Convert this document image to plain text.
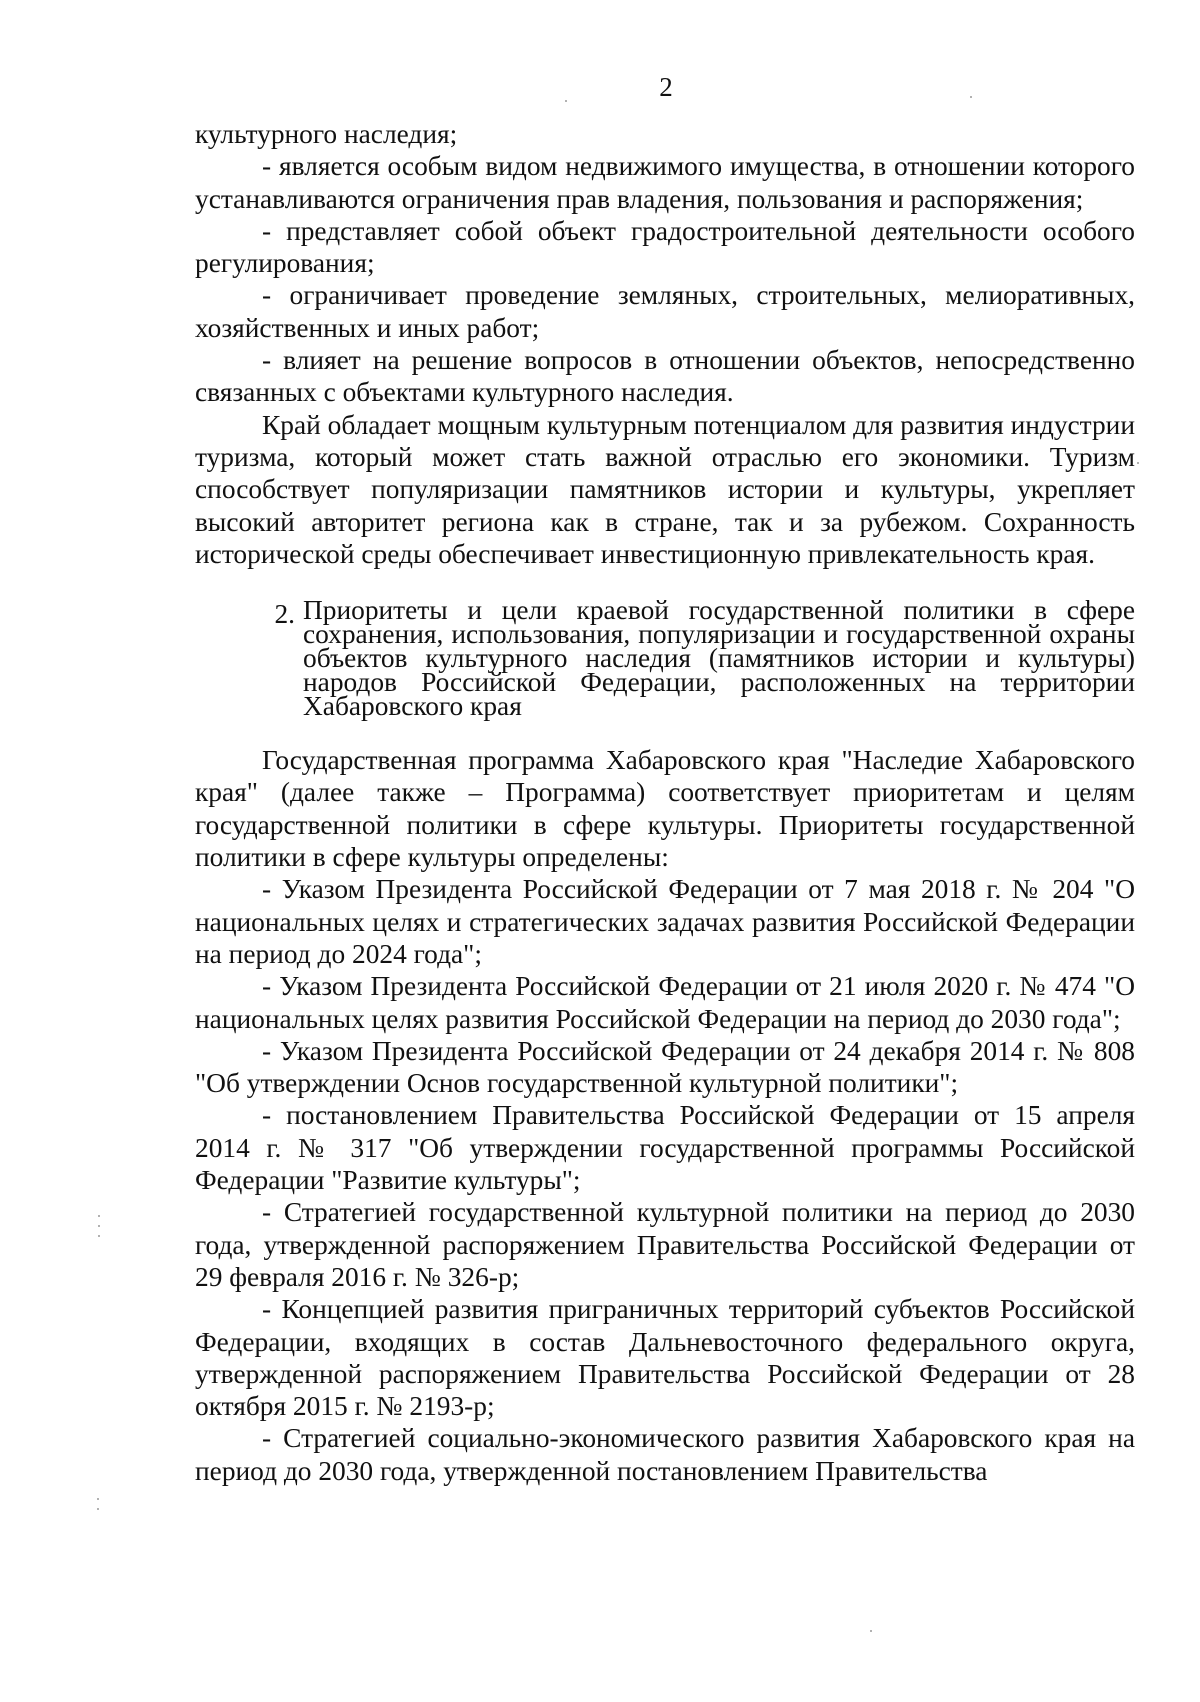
2

культурного наследия;

- является особым видом недвижимого имущества, в отношении которого устанавливаются ограничения прав владения, пользования и распоряжения;

- представляет собой объект градостроительной деятельности особого регулирования;

- ограничивает проведение земляных, строительных, мелиоративных, хозяйственных и иных работ;

- влияет на решение вопросов в отношении объектов, непосредственно связанных с объектами культурного наследия.

Край обладает мощным культурным потенциалом для развития индустрии туризма, который может стать важной отраслью его экономики. Туризм способствует популяризации памятников истории и культуры, укрепляет высокий авторитет региона как в стране, так и за рубежом. Сохранность исторической среды обеспечивает инвестиционную привлекательность края.

2. Приоритеты и цели краевой государственной политики в сфере сохранения, использования, популяризации и государственной охраны объектов культурного наследия (памятников истории и культуры) народов Российской Федерации, расположенных на территории Хабаровского края

Государственная программа Хабаровского края "Наследие Хабаровского края" (далее также – Программа) соответствует приоритетам и целям государственной политики в сфере культуры. Приоритеты государственной политики в сфере культуры определены:

- Указом Президента Российской Федерации от 7 мая 2018 г. № 204 "О национальных целях и стратегических задачах развития Российской Федерации на период до 2024 года";

- Указом Президента Российской Федерации от 21 июля 2020 г. № 474 "О национальных целях развития Российской Федерации на период до 2030 года";

- Указом Президента Российской Федерации от 24 декабря 2014 г. № 808 "Об утверждении Основ государственной культурной политики";

- постановлением Правительства Российской Федерации от 15 апреля 2014 г. № 317 "Об утверждении государственной программы Российской Федерации "Развитие культуры";

- Стратегией государственной культурной политики на период до 2030 года, утвержденной распоряжением Правительства Российской Федерации от 29 февраля 2016 г. № 326-р;

- Концепцией развития приграничных территорий субъектов Российской Федерации, входящих в состав Дальневосточного федерального округа, утвержденной распоряжением Правительства Российской Федерации от 28 октября 2015 г. № 2193-р;

- Стратегией социально-экономического развития Хабаровского края на период до 2030 года, утвержденной постановлением Правительства
